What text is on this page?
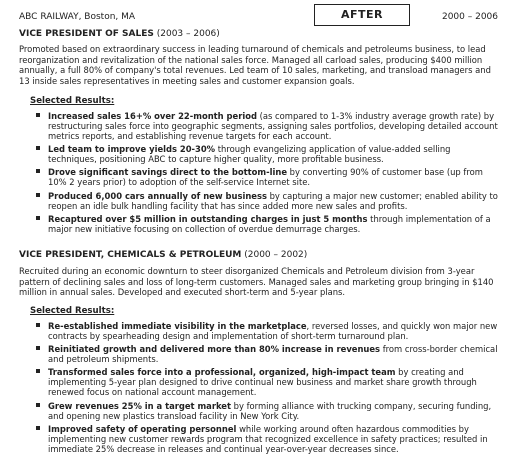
ABC RAILWAY, Boston, MA	AFTER	2000 – 2006
VICE PRESIDENT OF SALES (2003 – 2006)
Promoted based on extraordinary success in leading turnaround of chemicals and petroleums business, to lead reorganization and revitalization of the national sales force. Managed all carload sales, producing $400 million annually, a full 80% of company's total revenues. Led team of 10 sales, marketing, and transload managers and 13 inside sales representatives in meeting sales and customer expansion goals.
Selected Results:
Increased sales 16+% over 22-month period (as compared to 1-3% industry average growth rate) by restructuring sales force into geographic segments, assigning sales portfolios, developing detailed account metrics reports, and establishing revenue targets for each account.
Led team to improve yields 20-30% through evangelizing application of value-added selling techniques, positioning ABC to capture higher quality, more profitable business.
Drove significant savings direct to the bottom-line by converting 90% of customer base (up from 10% 2 years prior) to adoption of the self-service Internet site.
Produced 6,000 cars annually of new business by capturing a major new customer; enabled ability to reopen an idle bulk handling facility that has since added more new sales and profits.
Recaptured over $5 million in outstanding charges in just 5 months through implementation of a major new initiative focusing on collection of overdue demurrage charges.
VICE PRESIDENT, CHEMICALS & PETROLEUM (2000 – 2002)
Recruited during an economic downturn to steer disorganized Chemicals and Petroleum division from 3-year pattern of declining sales and loss of long-term customers. Managed sales and marketing group bringing in $140 million in annual sales. Developed and executed short-term and 5-year plans.
Selected Results:
Re-established immediate visibility in the marketplace, reversed losses, and quickly won major new contracts by spearheading design and implementation of short-term turnaround plan.
Reinitiated growth and delivered more than 80% increase in revenues from cross-border chemical and petroleum shipments.
Transformed sales force into a professional, organized, high-impact team by creating and implementing 5-year plan designed to drive continual new business and market share growth through renewed focus on national account management.
Grew revenues 25% in a target market by forming alliance with trucking company, securing funding, and opening new plastics transload facility in New York City.
Improved safety of operating personnel while working around often hazardous commodities by implementing new customer rewards program that recognized excellence in safety practices; resulted in immediate 25% decrease in releases and continual year-over-year decreases since.
